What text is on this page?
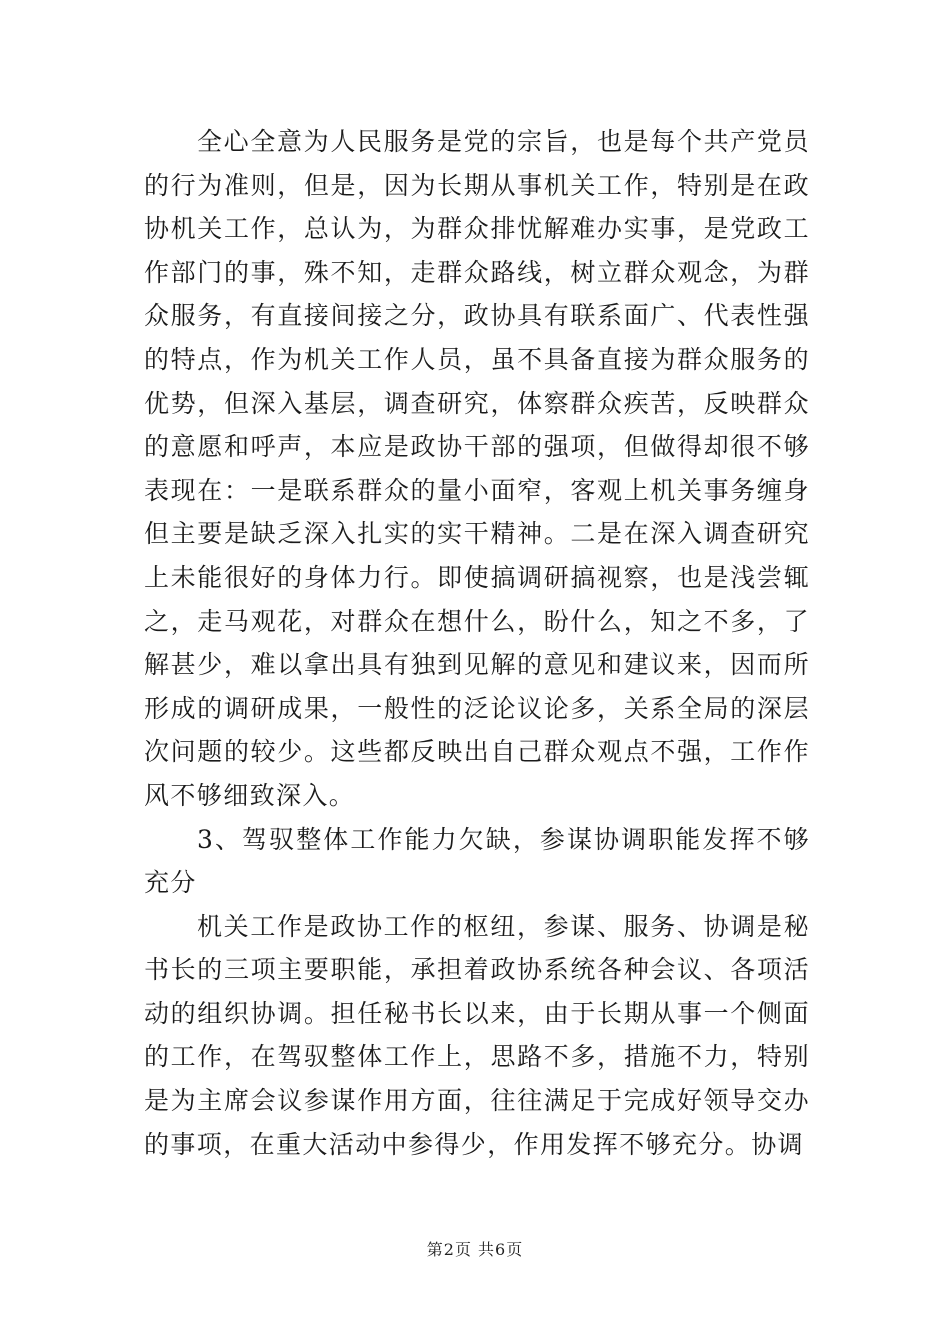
全心全意为人民服务是党的宗旨，也是每个共产党员的行为准则，但是，因为长期从事机关工作，特别是在政协机关工作，总认为，为群众排忧解难办实事，是党政工作部门的事，殊不知，走群众路线，树立群众观念，为群众服务，有直接间接之分，政协具有联系面广、代表性强的特点，作为机关工作人员，虽不具备直接为群众服务的优势，但深入基层，调查研究，体察群众疾苦，反映群众的意愿和呼声，本应是政协干部的强项，但做得却很不够表现在：一是联系群众的量小面窄，客观上机关事务缠身但主要是缺乏深入扎实的实干精神。二是在深入调查研究上未能很好的身体力行。即使搞调研搞视察，也是浅尝辄之，走马观花，对群众在想什么，盼什么，知之不多，了解甚少，难以拿出具有独到见解的意见和建议来，因而所形成的调研成果，一般性的泛论议论多，关系全局的深层次问题的较少。这些都反映出自己群众观点不强，工作作风不够细致深入。

3、驾驭整体工作能力欠缺，参谋协调职能发挥不够充分

机关工作是政协工作的枢纽，参谋、服务、协调是秘书长的三项主要职能，承担着政协系统各种会议、各项活动的组织协调。担任秘书长以来，由于长期从事一个侧面的工作，在驾驭整体工作上，思路不多，措施不力，特别是为主席会议参谋作用方面，往往满足于完成好领导交办的事项，在重大活动中参得少，作用发挥不够充分。协调

第2页 共6页
